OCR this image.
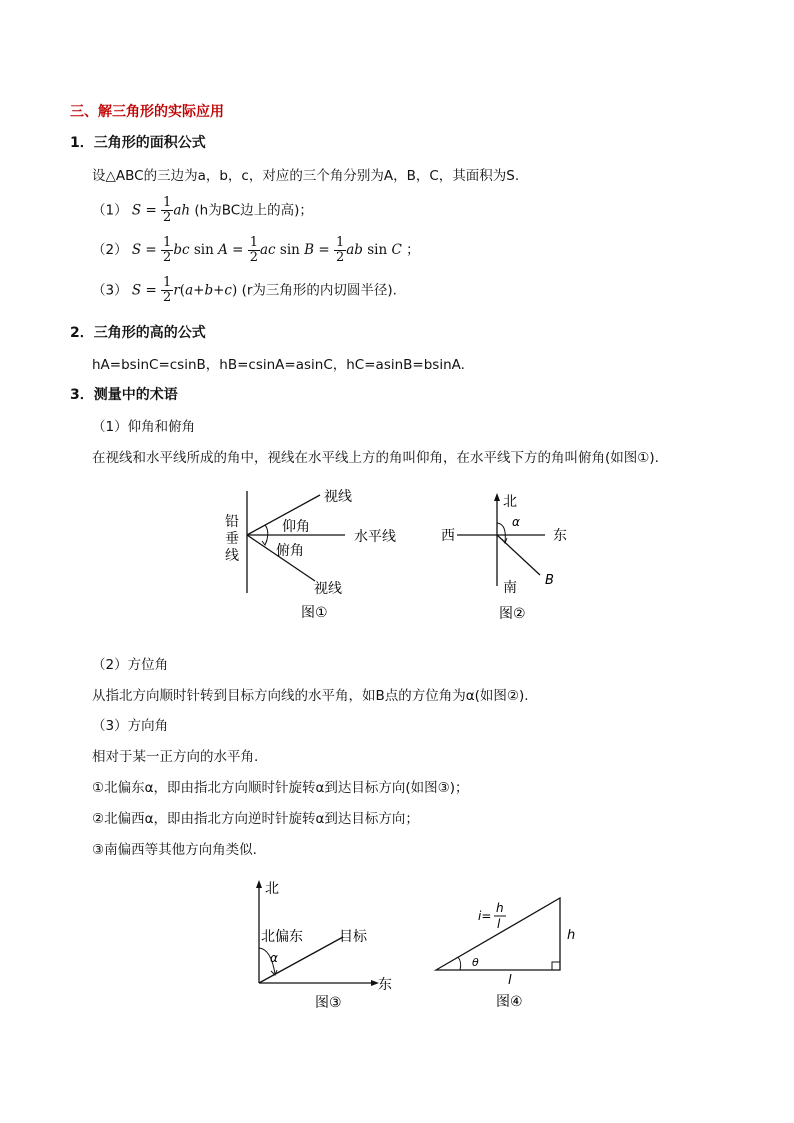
三、解三角形的实际应用
1．三角形的面积公式
设△ABC的三边为a，b，c，对应的三个角分别为A，B，C，其面积为S.
（1） $S = \frac{1}{2}$ ah (h为BC边上的高)；
（2） $S = \frac{1}{2}$ bc $\sin A = \frac{1}{2}$ ac $\sin B = \frac{1}{2}$ ab sin C ；
（3） $S = \frac{1}{2} r(a+b+c)$ (r为三角形的内切圆半径).
2．三角形的高的公式
hA=bsinC=csinB，hB=csinA=asinC，hC=asinB=bsinA.
3．测量中的术语
（1）仰角和俯角
在视线和水平线所成的角中，视线在水平线上方的角叫仰角，在水平线下方的角叫俯角(如图①).
铅
垂
线
视线
仰角
水平线
俯角
视线
图①
北
西	东
南
α
B
图②
（2）方位角
从指北方向顺时针转到目标方向线的水平角，如B点的方位角为α(如图②).
（3）方向角
相对于某一正方向的水平角.
①北偏东α，即由指北方向顺时针旋转α到达目标方向(如图③)；
②北偏西α，即由指北方向逆时针旋转α到达目标方向；
③南偏西等其他方向角类似.
北
北偏东	目标
α
东
图③
i=
h
l
h
θ
l
图④
